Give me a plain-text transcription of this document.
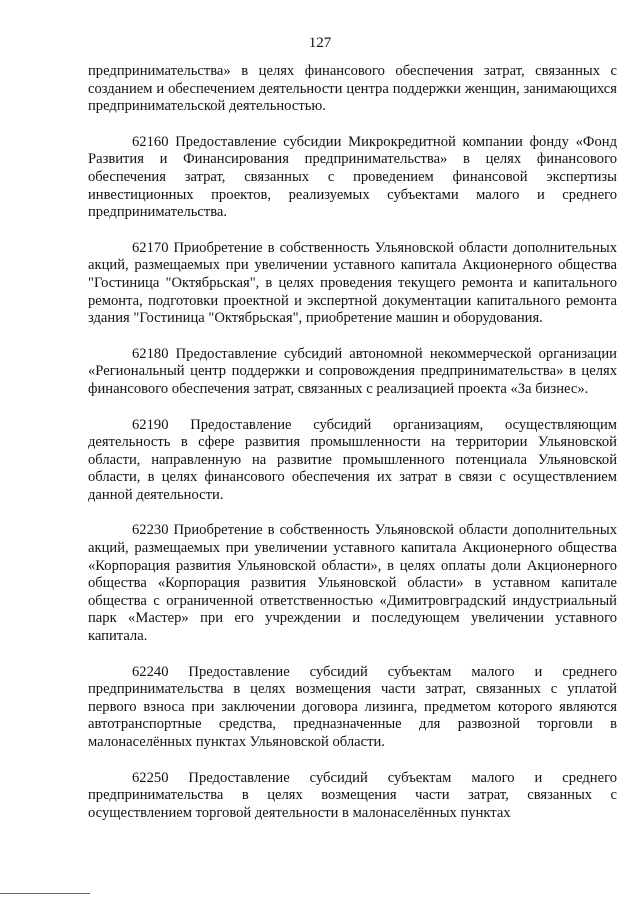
127

предпринимательства» в целях финансового обеспечения затрат, связанных с созданием и обеспечением деятельности центра поддержки женщин, занимающихся предпринимательской деятельностью.

62160 Предоставление субсидии Микрокредитной компании фонду «Фонд Развития и Финансирования предпринимательства» в целях финансового обеспечения затрат, связанных с проведением финансовой экспертизы инвестиционных проектов, реализуемых субъектами малого и среднего предпринимательства.

62170 Приобретение в собственность Ульяновской области дополнительных акций, размещаемых при увеличении уставного капитала Акционерного общества "Гостиница "Октябрьская", в целях проведения текущего ремонта и капитального ремонта, подготовки проектной и экспертной документации капитального ремонта здания "Гостиница "Октябрьская", приобретение машин и оборудования.

62180 Предоставление субсидий автономной некоммерческой организации «Региональный центр поддержки и сопровождения предпринимательства» в целях финансового обеспечения затрат, связанных с реализацией проекта «За бизнес».

62190 Предоставление субсидий организациям, осуществляющим деятельность в сфере развития промышленности на территории Ульяновской области, направленную на развитие промышленного потенциала Ульяновской области, в целях финансового обеспечения их затрат в связи с осуществлением данной деятельности.

62230 Приобретение в собственность Ульяновской области дополнительных акций, размещаемых при увеличении уставного капитала Акционерного общества «Корпорация развития Ульяновской области», в целях оплаты доли Акционерного общества «Корпорация развития Ульяновской области» в уставном капитале общества с ограниченной ответственностью «Димитровградский индустриальный парк «Мастер» при его учреждении и последующем увеличении уставного капитала.

62240 Предоставление субсидий субъектам малого и среднего предпринимательства в целях возмещения части затрат, связанных с уплатой первого взноса при заключении договора лизинга, предметом которого являются автотранспортные средства, предназначенные для развозной торговли в малонаселённых пунктах Ульяновской области.

62250 Предоставление субсидий субъектам малого и среднего предпринимательства в целях возмещения части затрат, связанных с осуществлением торговой деятельности в малонаселённых пунктах
